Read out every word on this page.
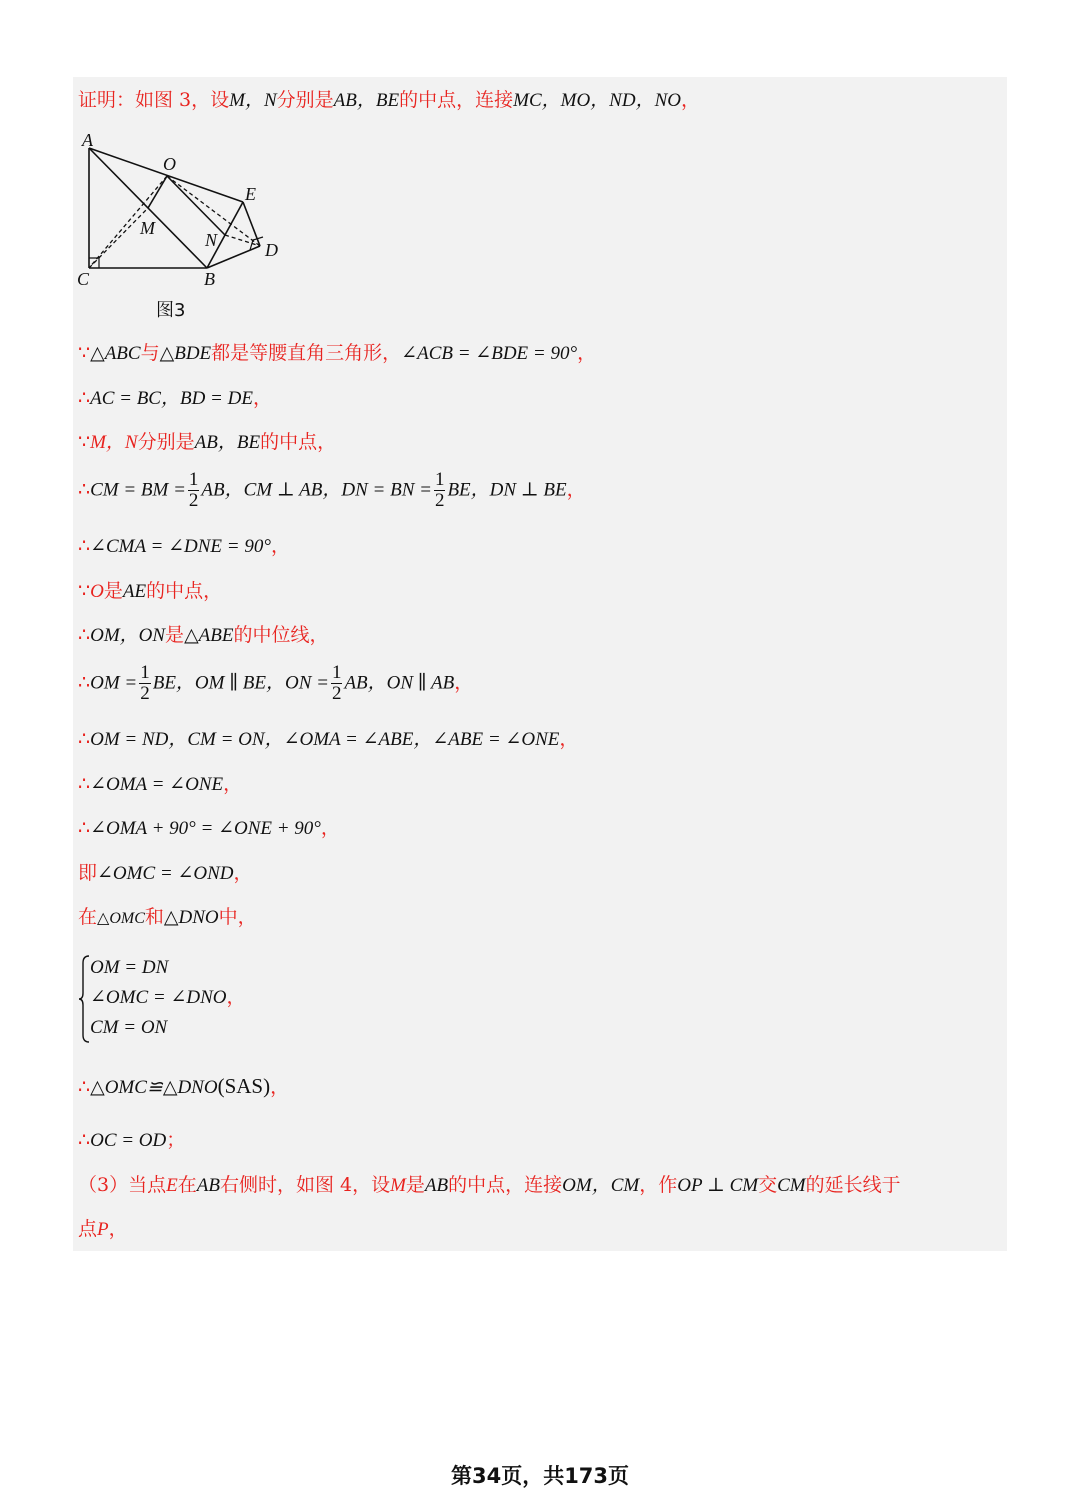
证明：如图 3，设M，N分别是AB，BE的中点，连接MC，MO，ND，NO，
A
O
E
M
N	D
C	B
图3
∵△ABC与△BDE都是等腰直角三角形，∠ACB = ∠BDE = 90°，
∴AC = BC，BD = DE，
∵M，N分别是AB，BE的中点，
∴CM = BM = $\frac{1}{2}$ AB，CM ⊥ AB，DN = BN = $\frac{1}{2}$ BE，DN ⊥ BE，
∴∠CMA = ∠DNE = 90°，
∵O是AE的中点，
∴OM，ON是△ABE的中位线，
∴OM = $\frac{1}{2}$ BE，OM ∥ BE，ON = $\frac{1}{2}$ AB，ON ∥ AB，
∴OM = ND，CM = ON，∠OMA = ∠ABE，∠ABE = ∠ONE，
∴∠OMA = ∠ONE，
∴∠OMA + 90° = ∠ONE + 90°，
即∠OMC = ∠OND，
在△OMC和△DNO中，
OM = DN
∠OMC = ∠DNO，
CM = ON
∴△OMC≌△DNO(SAS)，
∴OC = OD；
（3）当点E在AB右侧时，如图 4，设M是AB的中点，连接OM，CM，作OP ⊥ CM交CM的延长线于
点P，
第34页，共173页
